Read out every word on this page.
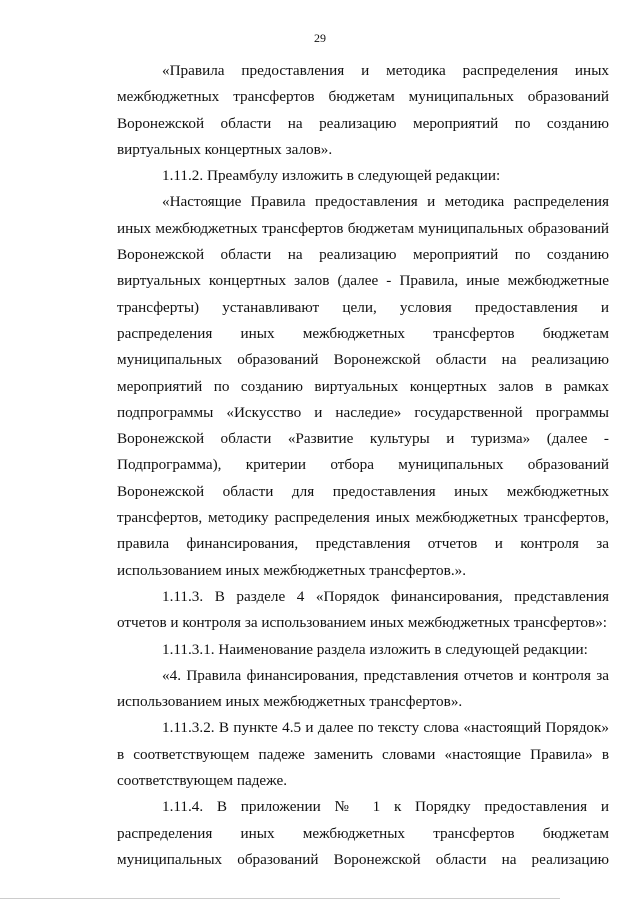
29

«Правила предоставления и методика распределения иных межбюджетных трансфертов бюджетам муниципальных образований Воронежской области на реализацию мероприятий по созданию виртуальных концертных залов».

1.11.2. Преамбулу изложить в следующей редакции:

«Настоящие Правила предоставления и методика распределения иных межбюджетных трансфертов бюджетам муниципальных образований Воронежской области на реализацию мероприятий по созданию виртуальных концертных залов (далее - Правила, иные межбюджетные трансферты) устанавливают цели, условия предоставления и распределения иных межбюджетных трансфертов бюджетам муниципальных образований Воронежской области на реализацию мероприятий по созданию виртуальных концертных залов в рамках подпрограммы «Искусство и наследие» государственной программы Воронежской области «Развитие культуры и туризма» (далее - Подпрограмма), критерии отбора муниципальных образований Воронежской области для предоставления иных межбюджетных трансфертов, методику распределения иных межбюджетных трансфертов, правила финансирования, представления отчетов и контроля за использованием иных межбюджетных трансфертов.».

1.11.3. В разделе 4 «Порядок финансирования, представления отчетов и контроля за использованием иных межбюджетных трансфертов»:

1.11.3.1. Наименование раздела изложить в следующей редакции:

«4. Правила финансирования, представления отчетов и контроля за использованием иных межбюджетных трансфертов».

1.11.3.2. В пункте 4.5 и далее по тексту слова «настоящий Порядок» в соответствующем падеже заменить словами «настоящие Правила» в соответствующем падеже.

1.11.4. В приложении № 1 к Порядку предоставления и распределения иных межбюджетных трансфертов бюджетам муниципальных образований Воронежской области на реализацию
